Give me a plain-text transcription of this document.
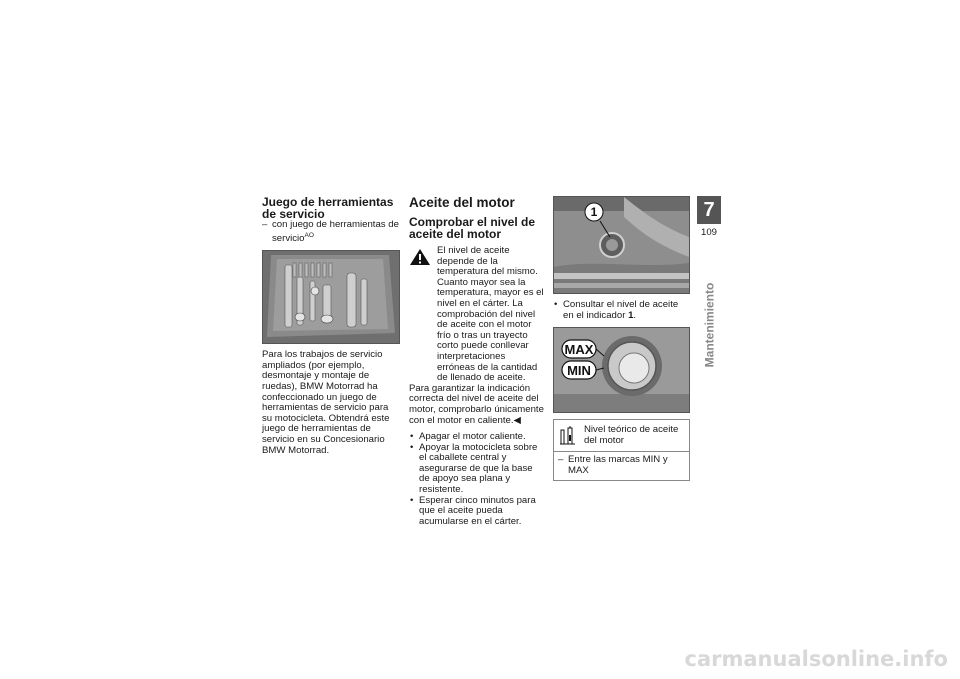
Juego de herramientas de servicio
– con juego de herramientas de servicio$^{AO}$

Para los trabajos de servicio ampliados (por ejemplo, desmontaje y montaje de ruedas), BMW Motorrad ha confeccionado un juego de herramientas de servicio para su motocicleta. Obtendrá este juego de herramientas de servicio en su Concesionario BMW Motorrad.

Aceite del motor
Comprobar el nivel de aceite del motor

El nivel de aceite depende de la temperatura del mismo. Cuanto mayor sea la temperatura, mayor es el nivel en el cárter. La comprobación del nivel de aceite con el motor frío o tras un trayecto corto puede conllevar interpretaciones erróneas de la cantidad de llenado de aceite.

Para garantizar la indicación correcta del nivel de aceite del motor, comprobarlo únicamente con el motor en caliente.◀

• Apagar el motor caliente.
• Apoyar la motocicleta sobre el caballete central y asegurarse de que la base de apoyo sea plana y resistente.
• Esperar cinco minutos para que el aceite pueda acumularse en el cárter.
1
• Consultar el nivel de aceite en el indicador 1.
MAX
MIN
Nivel teórico de aceite del motor
– Entre las marcas MIN y MAX
7
109
Mantenimiento
carmanualsonline.info
